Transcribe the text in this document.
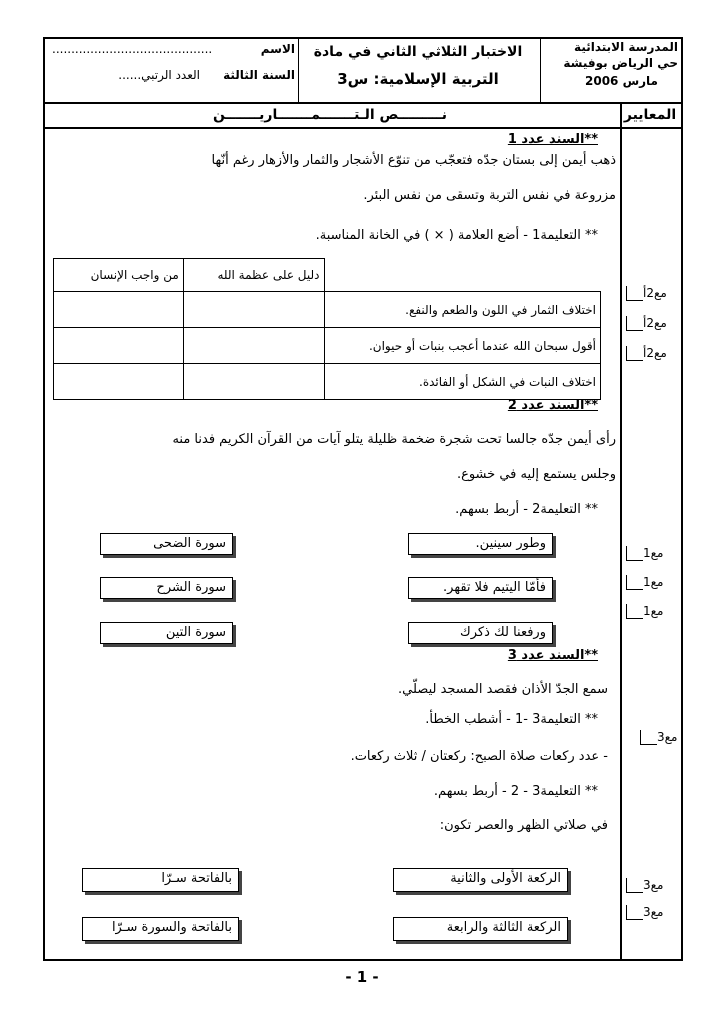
المدرسة الابتدائية
حي الرياض بوفيشة
مارس 2006
الاختبار الثلاثي الثاني في مادة
التربية الإسلامية: س3
الاسم
..........................................
السنة الثالثة
العدد الرتبي......
المعايير
نـــــــــص الـتـــــــمـــــــاريـــــــن
**السند عدد 1
ذهب أيمن إلى بستان جدّه فتعجّب من تنوّع الأشجار والثمار والأزهار رغم أنّها
مزروعة في نفس التربة وتسقى من نفس البئر.
** التعليمة1 - أضع العلامة ( × ) في الخانة المناسبة.
	دليل على عظمة الله	من واجب الإنسان
اختلاف الثمار في اللون والطعم والنفع.		
أقول سبحان الله عندما أعجب بنبات أو حيوان.		
اختلاف النبات في الشكل أو الفائدة.		
مع2أ
مع2أ
مع2أ
**السند عدد 2
رأى أيمن جدّه جالسا تحت شجرة ضخمة ظليلة يتلو آيات من القرآن الكريم فدنا منه
وجلس يستمع إليه في خشوع.
** التعليمة2 - أربط بسهم.
وطور سينين.
فأمّا اليتيم فلا تقهر.
ورفعنا لك ذكرك
سورة الضحى
سورة الشرح
سورة التين
مع1
مع1
مع1
**السند عدد 3
سمع الجدّ الأذان فقصد المسجد ليصلّي.
** التعليمة3 -1 - أشطب الخطأ.
- عدد ركعات صلاة الصبح: ركعتان / ثلاث ركعات.
** التعليمة3 - 2 - أربط بسهم.
في صلاتي الظهر والعصر تكون:
الركعة الأولى والثانية
الركعة الثالثة والرابعة
بالفاتحة سـرّا
بالفاتحة والسورة سـرّا
مع3
مع3
مع3
- 1 -
